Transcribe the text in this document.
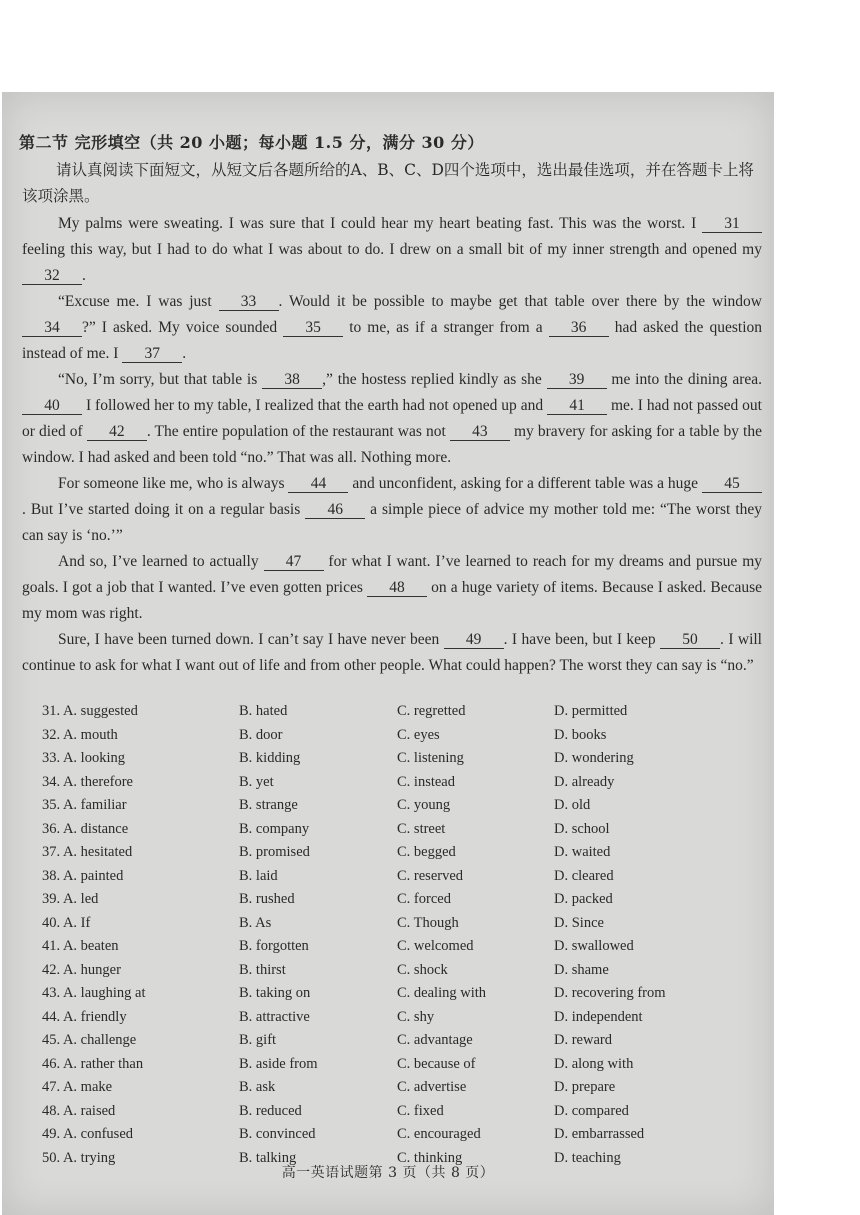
第二节 完形填空（共 20 小题；每小题 1.5 分，满分 30 分）

请认真阅读下面短文，从短文后各题所给的A、B、C、D四个选项中，选出最佳选项，并在答题卡上将该项涂黑。

My palms were sweating. I was sure that I could hear my heart beating fast. This was the worst. I 31 feeling this way, but I had to do what I was about to do. I drew on a small bit of my inner strength and opened my 32 .

“Excuse me. I was just 33 . Would it be possible to maybe get that table over there by the window 34 ?” I asked. My voice sounded 35 to me, as if a stranger from a 36 had asked the question instead of me. I 37 .

“No, I’m sorry, but that table is 38 ,” the hostess replied kindly as she 39 me into the dining area. 40 I followed her to my table, I realized that the earth had not opened up and 41 me. I had not passed out or died of 42 . The entire population of the restaurant was not 43 my bravery for asking for a table by the window. I had asked and been told “no.” That was all. Nothing more.

For someone like me, who is always 44 and unconfident, asking for a different table was a huge 45. But I’ve started doing it on a regular basis 46 a simple piece of advice my mother told me: “The worst they can say is ‘no.’”

And so, I’ve learned to actually 47 for what I want. I’ve learned to reach for my dreams and pursue my goals. I got a job that I wanted. I’ve even gotten prices 48 on a huge variety of items. Because I asked. Because my mom was right.

Sure, I have been turned down. I can’t say I have never been 49 . I have been, but I keep 50 . I will continue to ask for what I want out of life and from other people. What could happen? The worst they can say is “no.”

31. A. suggested	B. hated	C. regretted	D. permitted
32. A. mouth	B. door	C. eyes	D. books
33. A. looking	B. kidding	C. listening	D. wondering
34. A. therefore	B. yet	C. instead	D. already
35. A. familiar	B. strange	C. young	D. old
36. A. distance	B. company	C. street	D. school
37. A. hesitated	B. promised	C. begged	D. waited
38. A. painted	B. laid	C. reserved	D. cleared
39. A. led	B. rushed	C. forced	D. packed
40. A. If	B. As	C. Though	D. Since
41. A. beaten	B. forgotten	C. welcomed	D. swallowed
42. A. hunger	B. thirst	C. shock	D. shame
43. A. laughing at	B. taking on	C. dealing with	D. recovering from
44. A. friendly	B. attractive	C. shy	D. independent
45. A. challenge	B. gift	C. advantage	D. reward
46. A. rather than	B. aside from	C. because of	D. along with
47. A. make	B. ask	C. advertise	D. prepare
48. A. raised	B. reduced	C. fixed	D. compared
49. A. confused	B. convinced	C. encouraged	D. embarrassed
50. A. trying	B. talking	C. thinking	D. teaching
高一英语试题第 3 页（共 8 页）
